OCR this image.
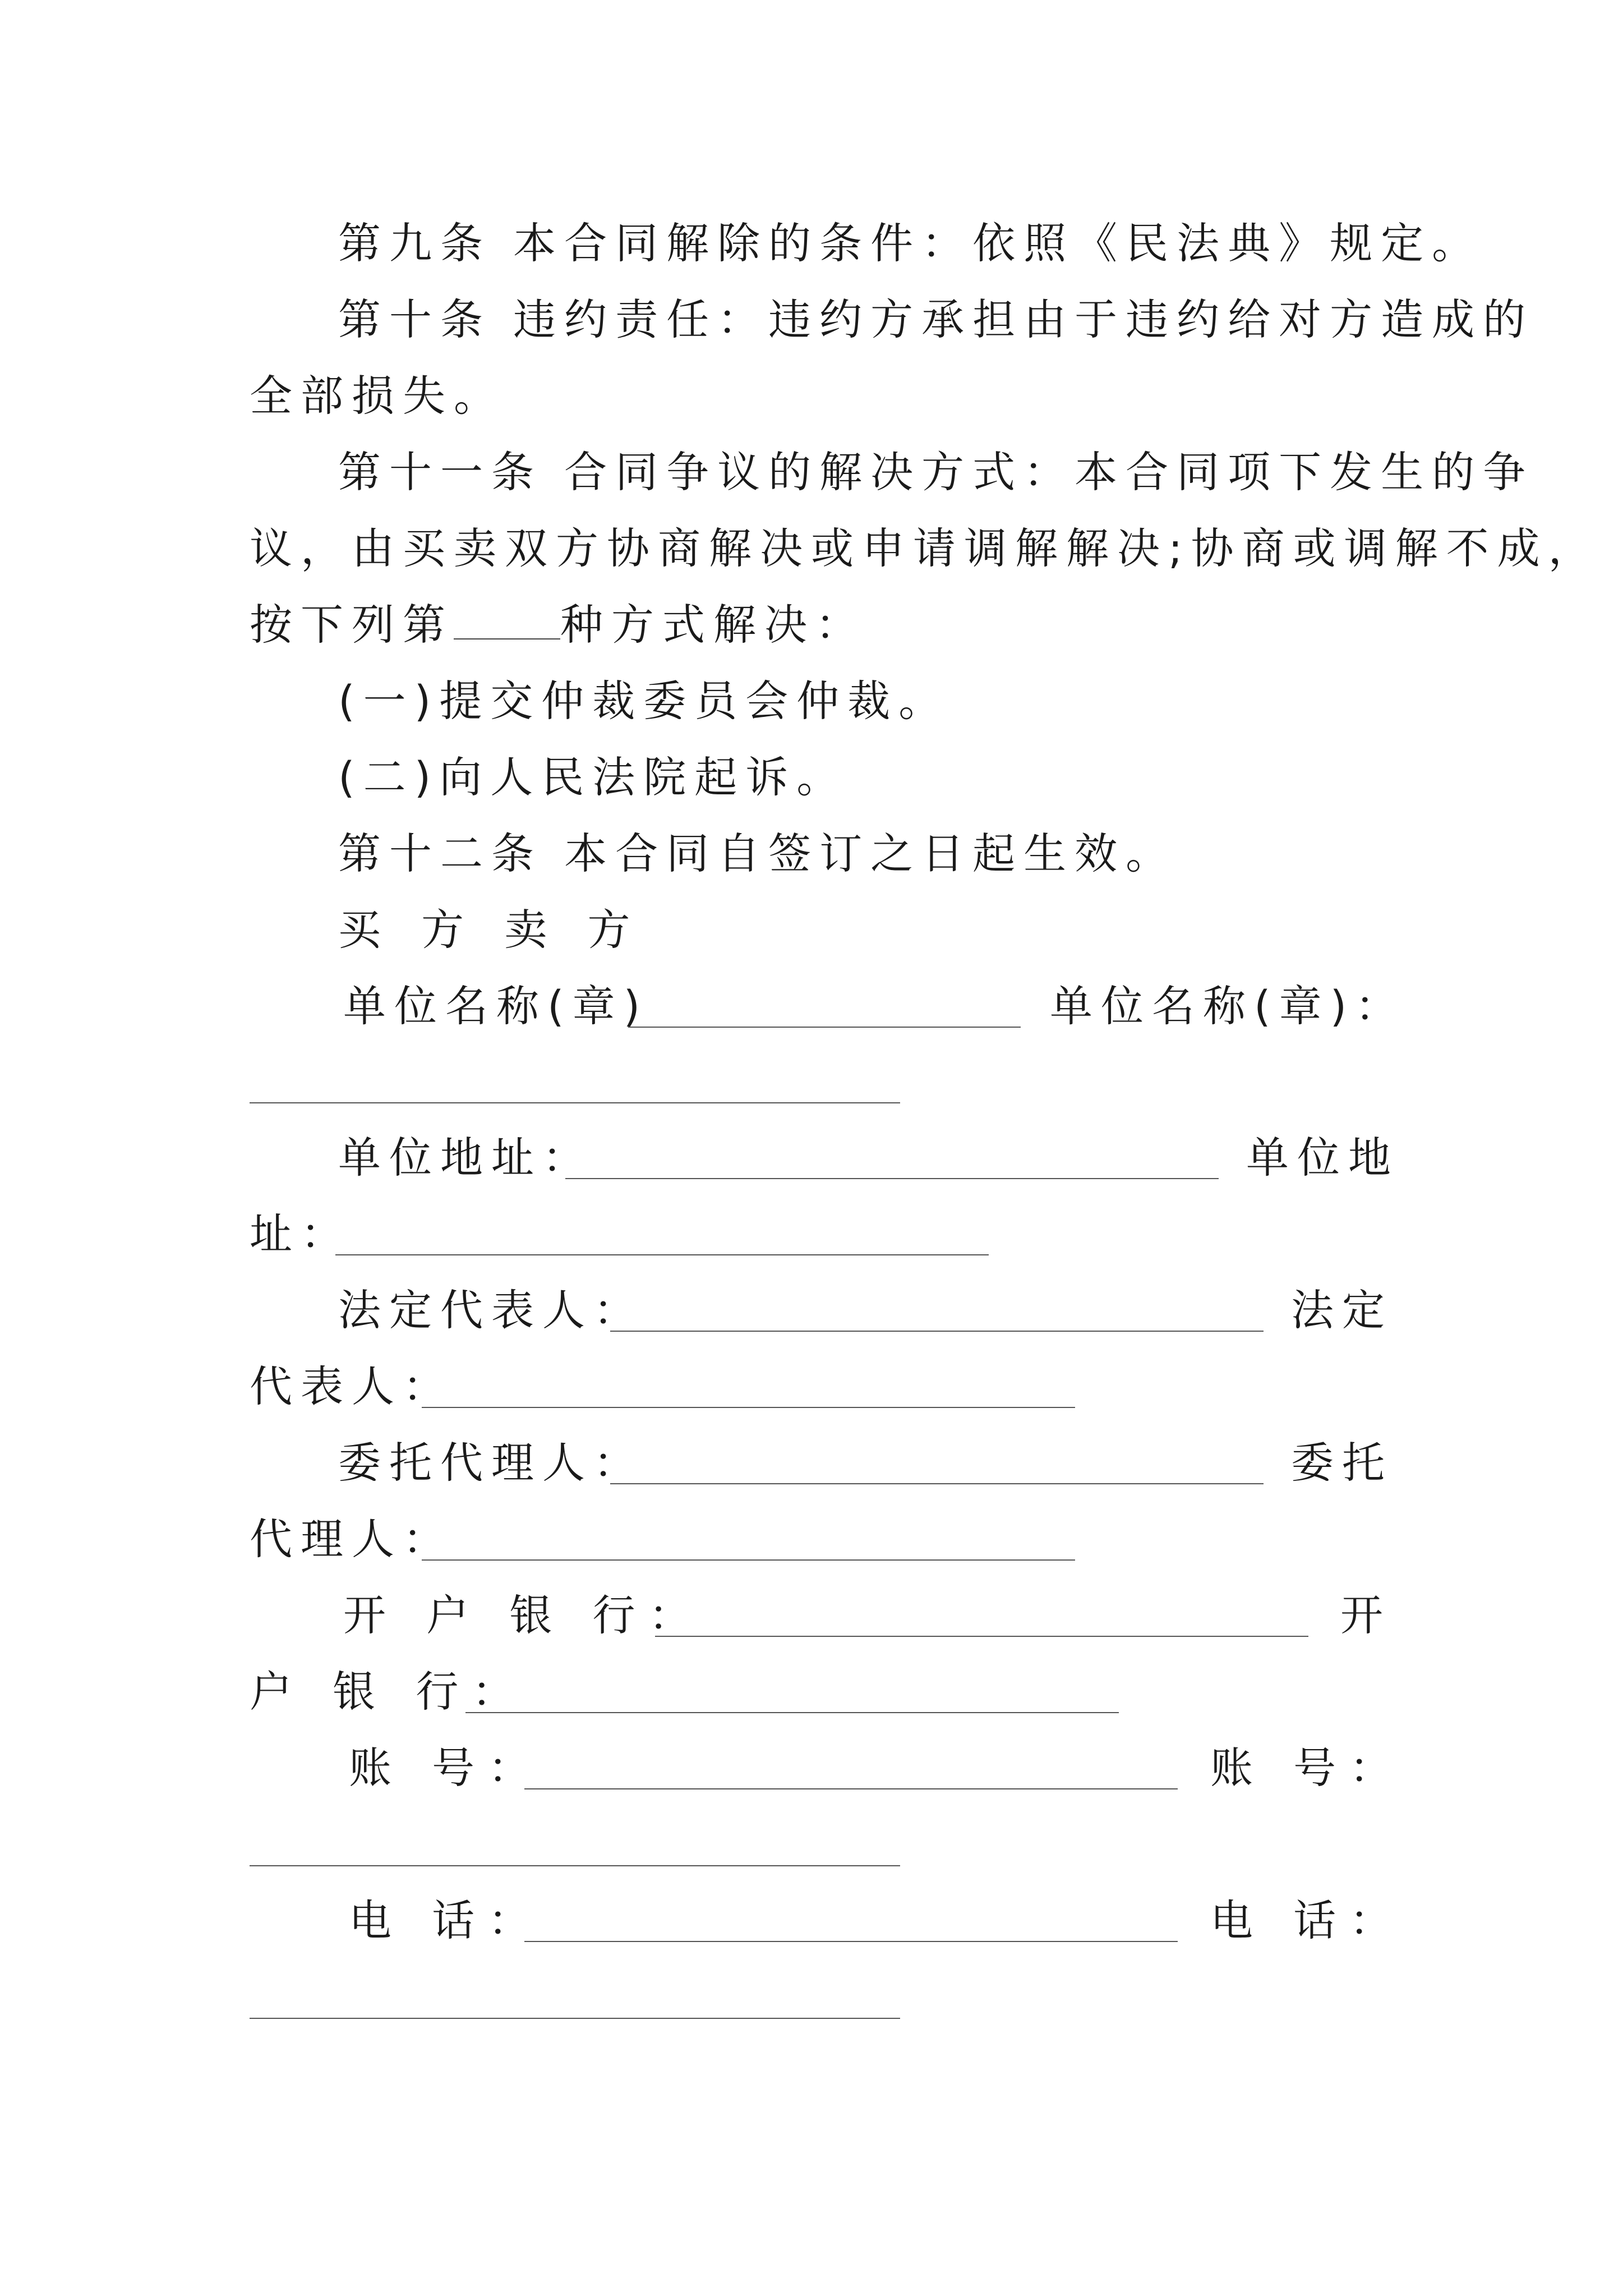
第九条 本合同解除的条件：依照《民法典》规定。
第十条 违约责任：违约方承担由于违约给对方造成的
全部损失。
第十一条 合同争议的解决方式：本合同项下发生的争
议，由买卖双方协商解决或申请调解解决;协商或调解不成，
按下列第	种方式解决：
(一)提交仲裁委员会仲裁。
(二)向人民法院起诉。
第十二条 本合同自签订之日起生效。
买 方 卖 方
单位名称(章)	单位名称(章)：
单位地址：	单位地
址：
法定代表人：	法定
代表人：
委托代理人：	委托
代理人：
开 户 银 行：	开
户 银 行：
账 号：	账 号：
电 话：	电 话：
